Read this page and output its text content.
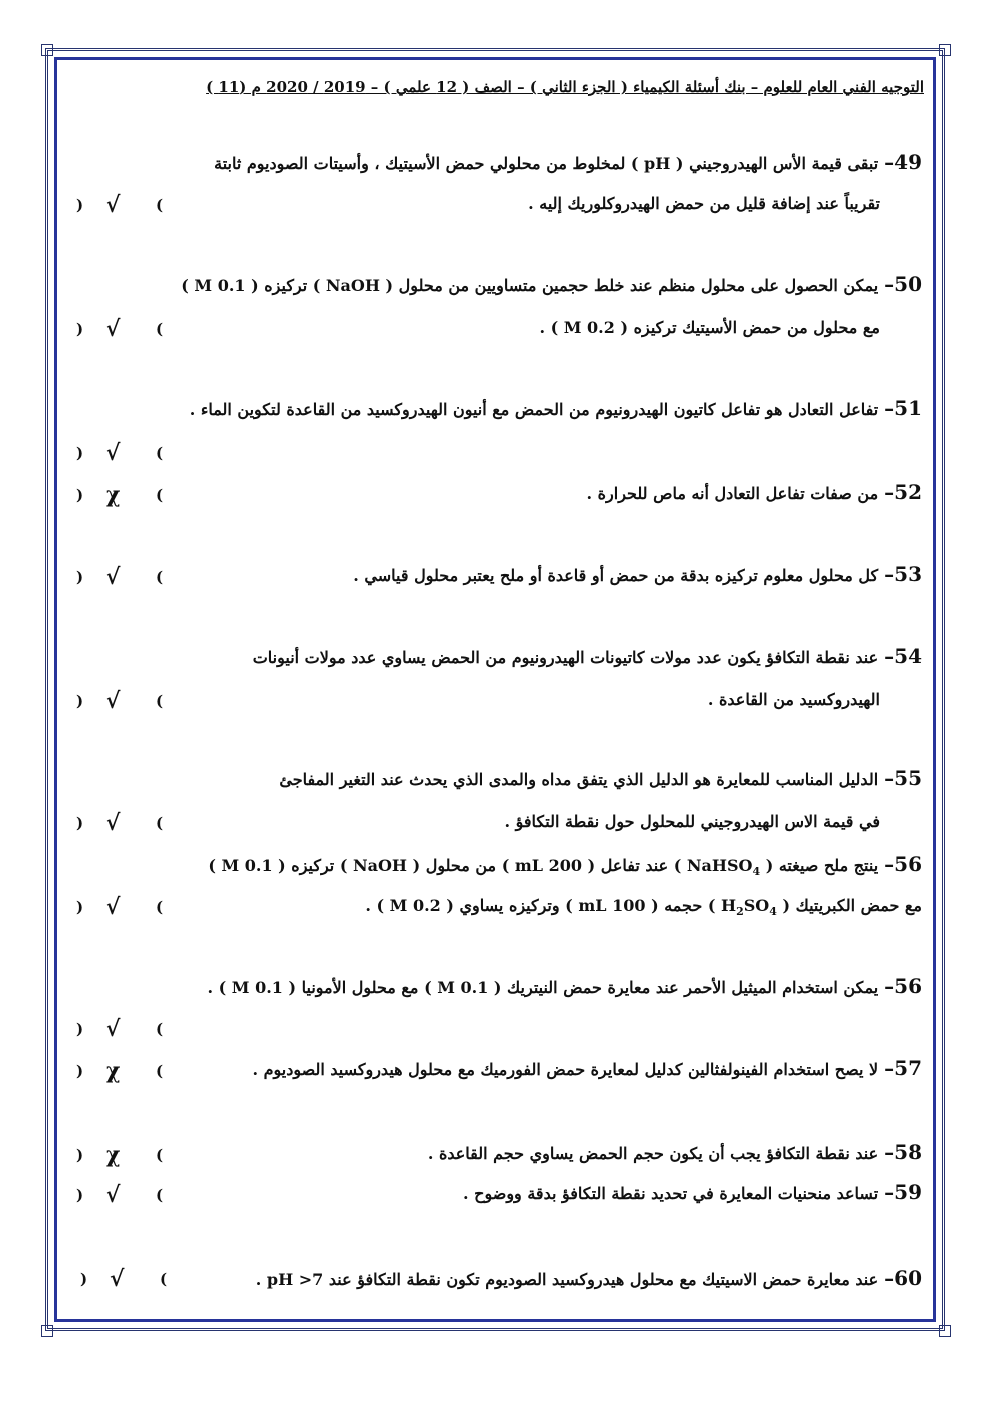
التوجيه الفني العام للعلوم – بنك أسئلة الكيمياء ( الجزء الثاني ) – الصف ( 12 علمي ) – 2019 / 2020 م (11 )
49–تبقى قيمة الأس الهيدروجيني ( pH ) لمخلوط من محلولي حمض الأسيتيك ، وأسيتات الصوديوم ثابتة
تقريباً عند إضافة قليل من حمض الهيدروكلوريك إليه .
) √ (
50–يمكن الحصول على محلول منظم عند خلط حجمين متساويين من محلول ( NaOH ) تركيزه ( 0.1 M )
مع محلول من حمض الأسيتيك تركيزه ( 0.2 M ) .
) √ (
51–تفاعل التعادل هو تفاعل كاتيون الهيدرونيوم من الحمض مع أنيون الهيدروكسيد من القاعدة لتكوين الماء .
) √ (
52–من صفات تفاعل التعادل أنه ماص للحرارة .
) χ (
53–كل محلول معلوم تركيزه بدقة من حمض أو قاعدة أو ملح يعتبر محلول قياسي .
) √ (
54–عند نقطة التكافؤ يكون عدد مولات كاتيونات الهيدرونيوم من الحمض يساوي عدد مولات أنيونات
الهيدروكسيد من القاعدة .
) √ (
55–الدليل المناسب للمعايرة هو الدليل الذي يتفق مداه والمدى الذي يحدث عند التغير المفاجئ
في قيمة الاس الهيدروجيني للمحلول حول نقطة التكافؤ .
) √ (
56–ينتج ملح صيغته ( NaHSO$_4$ ) عند تفاعل ( 200 mL ) من محلول ( NaOH ) تركيزه ( 0.1 M )
مع حمض الكبريتيك ( $H_2SO_4$ ) حجمه ( 100 mL ) وتركيزه يساوي ( 0.2 M ) .
) √ (
56–يمكن استخدام الميثيل الأحمر عند معايرة حمض النيتريك ( 0.1 M ) مع محلول الأمونيا ( 0.1 M ) .
) √ (
57–لا يصح استخدام الفينولفثالين كدليل لمعايرة حمض الفورميك مع محلول هيدروكسيد الصوديوم .
) χ (
58–عند نقطة التكافؤ يجب أن يكون حجم الحمض يساوي حجم القاعدة .
) χ (
59–تساعد منحنيات المعايرة في تحديد نقطة التكافؤ بدقة ووضوح .
) √ (
60–عند معايرة حمض الاسيتيك مع محلول هيدروكسيد الصوديوم تكون نقطة التكافؤ عند pH >7 .
) √ (
